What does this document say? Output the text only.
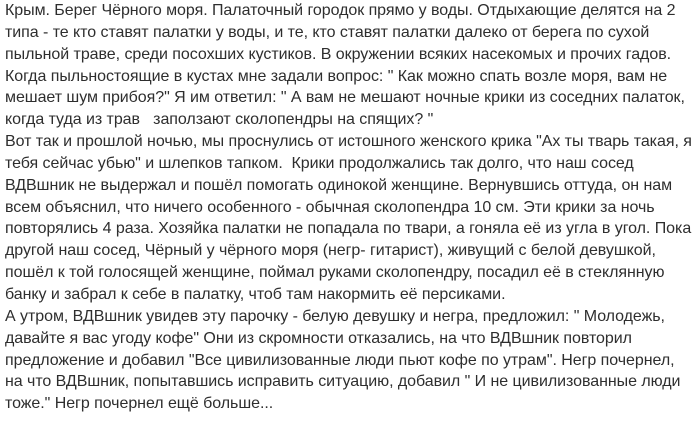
Крым. Берег Чёрного моря. Палаточный городок прямо у воды. Отдыхающие делятся на 2 типа - те кто ставят палатки у воды, и те, кто ставят палатки далеко от берега по сухой пыльной траве, среди посохших кустиков. В окружении всяких насекомых и прочих гадов. Когда пыльностоящие в кустах мне задали вопрос: " Как можно спать возле моря, вам не мешает шум прибоя?" Я им ответил: " А вам не мешают ночные крики из соседних палаток, когда туда из трав   заползают сколопендры на спящих? "
Вот так и прошлой ночью, мы проснулись от истошного женского крика "Ах ты тварь такая, я тебя сейчас убью" и шлепков тапком.  Крики продолжались так долго, что наш сосед ВДВшник не выдержал и пошёл помогать одинокой женщине. Вернувшись оттуда, он нам всем объяснил, что ничего особенного - обычная сколопендра 10 см. Эти крики за ночь повторялись 4 раза. Хозяйка палатки не попадала по твари, а гоняла её из угла в угол. Пока другой наш сосед, Чёрный у чёрного моря (негр- гитарист), живущий с белой девушкой, пошёл к той голосящей женщине, поймал руками сколопендру, посадил её в стеклянную банку и забрал к себе в палатку, чтоб там накормить её персиками.
А утром, ВДВшник увидев эту парочку - белую девушку и негра, предложил: " Молодежь, давайте я вас угоду кофе" Они из скромности отказались, на что ВДВшник повторил предложение и добавил "Все цивилизованные люди пьют кофе по утрам". Негр почернел, на что ВДВшник, попытавшись исправить ситуацию, добавил " И не цивилизованные люди тоже." Негр почернел ещё больше...
